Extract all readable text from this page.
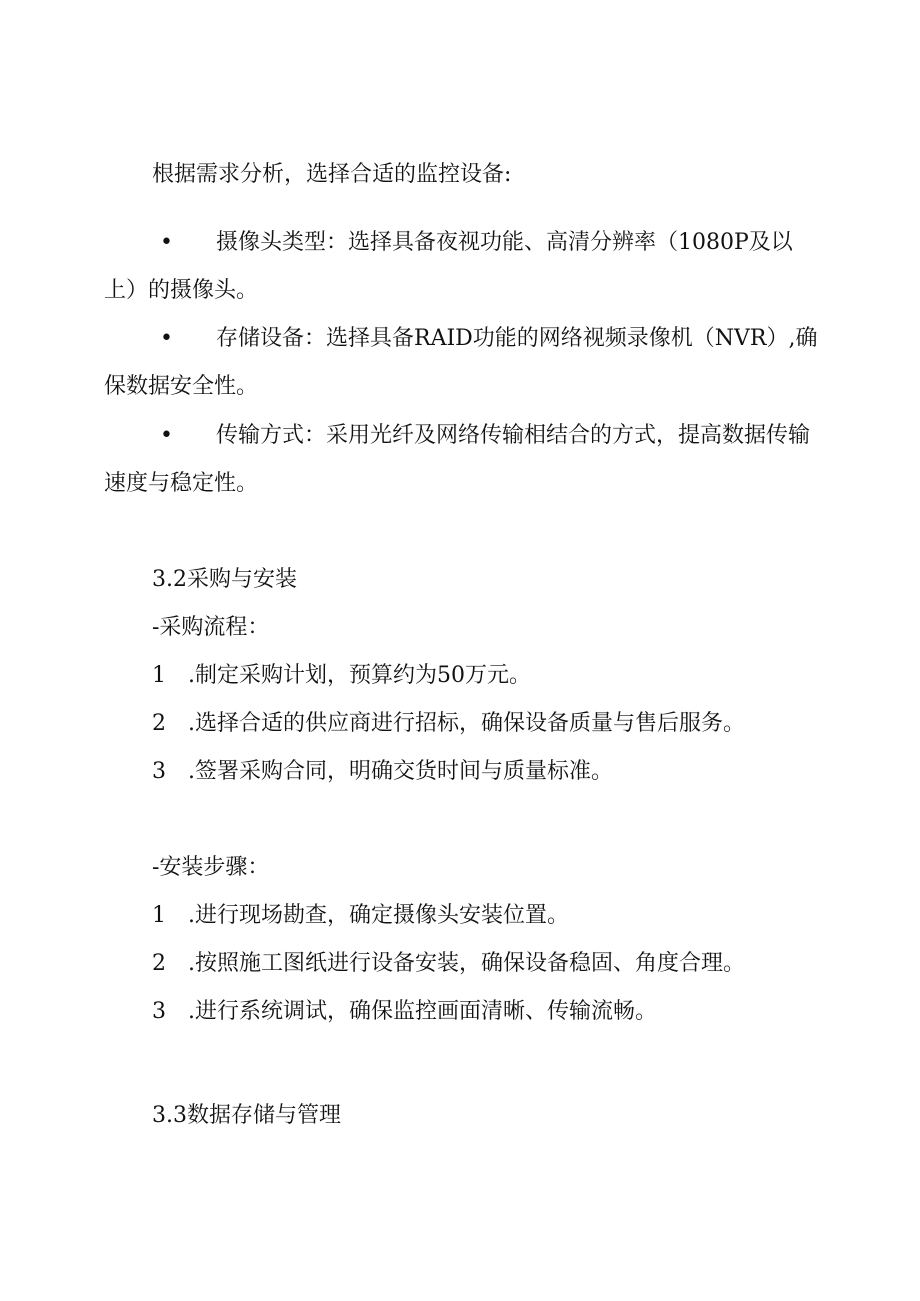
根据需求分析，选择合适的监控设备:
•	摄像头类型：选择具备夜视功能、高清分辨率（1080P及以上）的摄像头。
•	存储设备：选择具备RAID功能的网络视频录像机（NVR）,确保数据安全性。
•	传输方式：采用光纤及网络传输相结合的方式，提高数据传输速度与稳定性。
3.2采购与安装
-采购流程：
1 .制定采购计划，预算约为50万元。
2 .选择合适的供应商进行招标，确保设备质量与售后服务。
3 .签署采购合同，明确交货时间与质量标准。
-安装步骤：
1 .进行现场勘查，确定摄像头安装位置。
2 .按照施工图纸进行设备安装，确保设备稳固、角度合理。
3 .进行系统调试，确保监控画面清晰、传输流畅。
3.3数据存储与管理
